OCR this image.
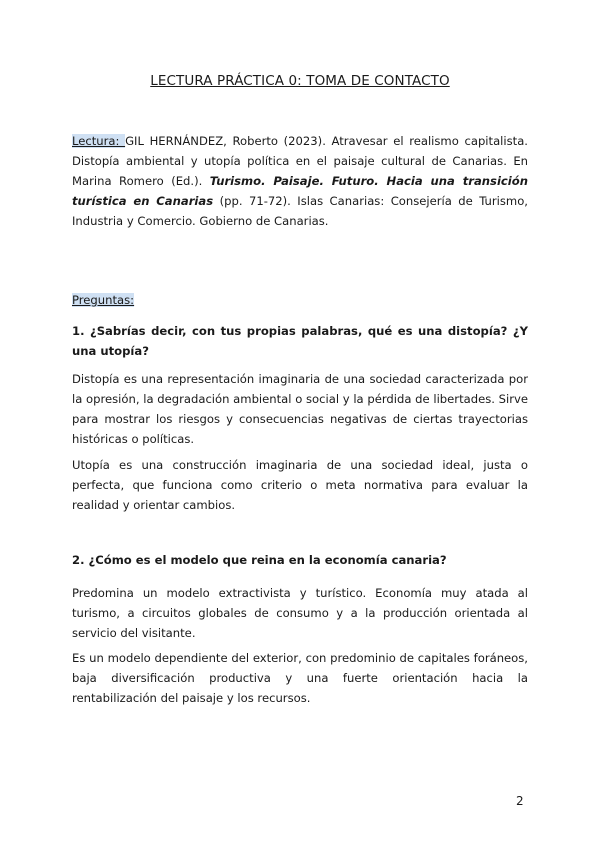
LECTURA PRÁCTICA 0: TOMA DE CONTACTO

Lectura: GIL HERNÁNDEZ, Roberto (2023). Atravesar el realismo capitalista. Distopía ambiental y utopía política en el paisaje cultural de Canarias. En Marina Romero (Ed.). Turismo. Paisaje. Futuro. Hacia una transición turística en Canarias (pp. 71-72). Islas Canarias: Consejería de Turismo, Industria y Comercio. Gobierno de Canarias.

Preguntas:

1. ¿Sabrías decir, con tus propias palabras, qué es una distopía? ¿Y una utopía?

Distopía es una representación imaginaria de una sociedad caracterizada por la opresión, la degradación ambiental o social y la pérdida de libertades. Sirve para mostrar los riesgos y consecuencias negativas de ciertas trayectorias históricas o políticas.

Utopía es una construcción imaginaria de una sociedad ideal, justa o perfecta, que funciona como criterio o meta normativa para evaluar la realidad y orientar cambios.

2. ¿Cómo es el modelo que reina en la economía canaria?

Predomina un modelo extractivista y turístico. Economía muy atada al turismo, a circuitos globales de consumo y a la producción orientada al servicio del visitante.

Es un modelo dependiente del exterior, con predominio de capitales foráneos, baja diversificación productiva y una fuerte orientación hacia la rentabilización del paisaje y los recursos.

2
